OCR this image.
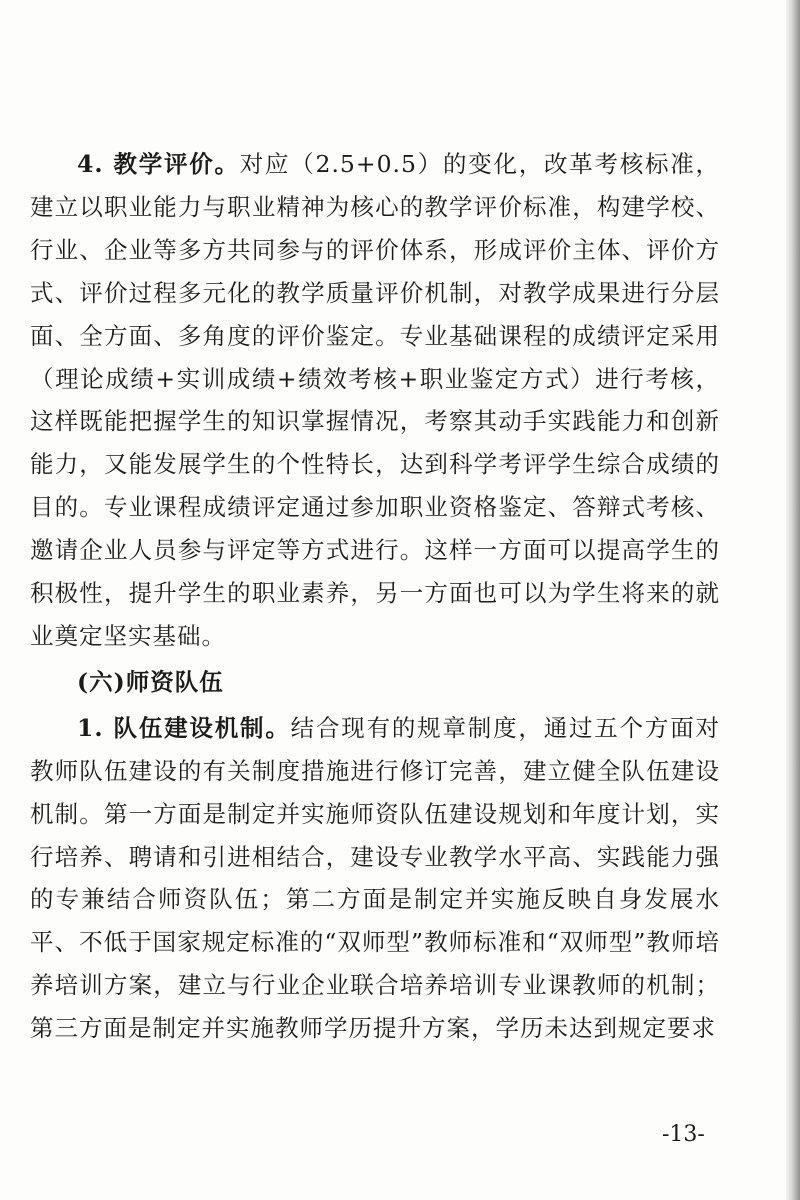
4. 教学评价。对应（2.5+0.5）的变化，改革考核标准，建立以职业能力与职业精神为核心的教学评价标准，构建学校、行业、企业等多方共同参与的评价体系，形成评价主体、评价方式、评价过程多元化的教学质量评价机制，对教学成果进行分层面、全方面、多角度的评价鉴定。专业基础课程的成绩评定采用（理论成绩+实训成绩+绩效考核+职业鉴定方式）进行考核，这样既能把握学生的知识掌握情况，考察其动手实践能力和创新能力，又能发展学生的个性特长，达到科学考评学生综合成绩的目的。专业课程成绩评定通过参加职业资格鉴定、答辩式考核、邀请企业人员参与评定等方式进行。这样一方面可以提高学生的积极性，提升学生的职业素养，另一方面也可以为学生将来的就业奠定坚实基础。

(六)师资队伍

1. 队伍建设机制。结合现有的规章制度，通过五个方面对教师队伍建设的有关制度措施进行修订完善，建立健全队伍建设机制。第一方面是制定并实施师资队伍建设规划和年度计划，实行培养、聘请和引进相结合，建设专业教学水平高、实践能力强的专兼结合师资队伍；第二方面是制定并实施反映自身发展水平、不低于国家规定标准的“双师型”教师标准和“双师型”教师培养培训方案，建立与行业企业联合培养培训专业课教师的机制；第三方面是制定并实施教师学历提升方案，学历未达到规定要求

-13-
